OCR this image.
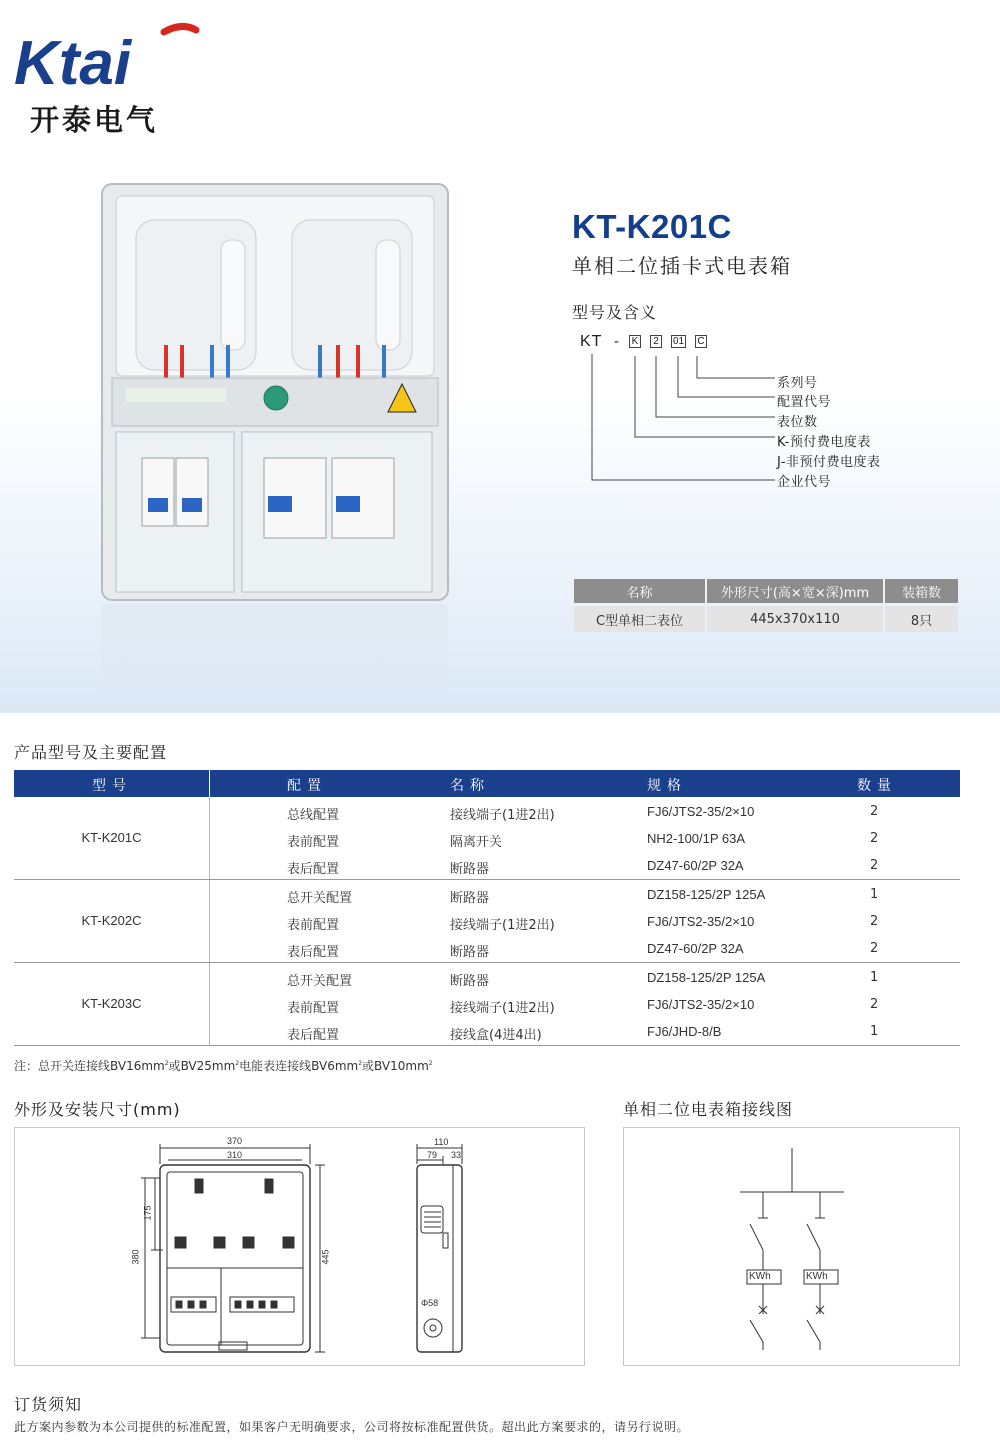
Ktai
开泰电气
KT-K201C
单相二位插卡式电表箱
型号及含义
KT - K	2	01 C
系列号
配置代号
表位数
K-预付费电度表
J-非预付费电度表
企业代号
名称	外形尺寸(高×宽×深)mm	装箱数
C型单相二表位	445x370x110	8只
产品型号及主要配置
型号	配置	名称	规格	数量
KT-K201C
总线配置	接线端子(1进2出)	FJ6/JTS2-35/2×10	2
表前配置	隔离开关	NH2-100/1P 63A	2
表后配置	断路器	DZ47-60/2P 32A	2
KT-K202C
总开关配置	断路器	DZ158-125/2P 125A	1
表前配置	接线端子(1进2出)	FJ6/JTS2-35/2×10	2
表后配置	断路器	DZ47-60/2P 32A	2
KT-K203C
总开关配置	断路器	DZ158-125/2P 125A	1
表前配置	接线端子(1进2出)	FJ6/JTS2-35/2×10	2
表后配置	接线盒(4进4出)	FJ6/JHD-8/B	1
注：总开关连接线$BV16mm^2$或$BV25mm^2$电能表连接线$BV6mm^2$或$BV10mm^2$
外形及安装尺寸(mm)
370
310
445
380
175
110
79 33
Φ58
单相二位电表箱接线图
KWh	KWh
订货须知
此方案内参数为本公司提供的标准配置，如果客户无明确要求，公司将按标准配置供货。超出此方案要求的，请另行说明。
